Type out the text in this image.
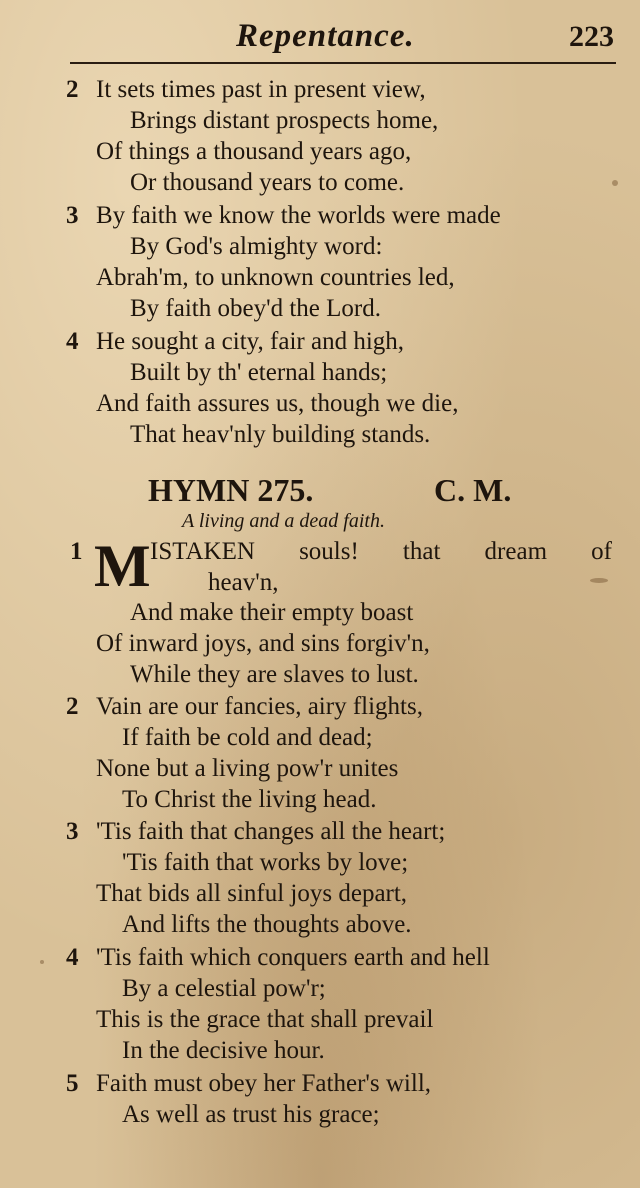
Repentance.	223
2 It sets times past in present view,
Brings distant prospects home,
Of things a thousand years ago,
Or thousand years to come.
3 By faith we know the worlds were made
By God's almighty word:
Abrah'm, to unknown countries led,
By faith obey'd the Lord.
4 He sought a city, fair and high,
Built by th' eternal hands;
And faith assures us, though we die,
That heav'nly building stands.
HYMN 275.	C. M.
A living and a dead faith.
1 M ISTAKEN souls! that dream of
heav'n,
And make their empty boast
Of inward joys, and sins forgiv'n,
While they are slaves to lust.
2 Vain are our fancies, airy flights,
If faith be cold and dead;
None but a living pow'r unites
To Christ the living head.
3 'Tis faith that changes all the heart;
'Tis faith that works by love;
That bids all sinful joys depart,
And lifts the thoughts above.
4 'Tis faith which conquers earth and hell
By a celestial pow'r;
This is the grace that shall prevail
In the decisive hour.
5 Faith must obey her Father's will,
As well as trust his grace;
